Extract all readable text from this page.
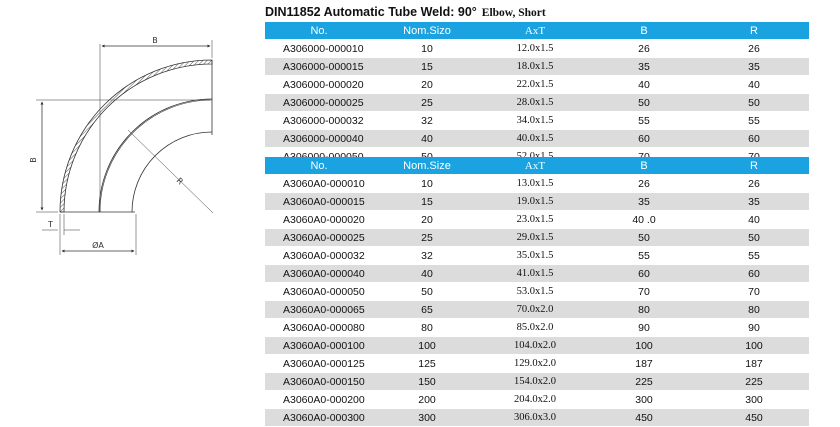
B
B
R
T
ØA
DIN11852 Automatic Tube Weld: 90° Elbow, Short
No.	Nom.Sizo	AxT	B	R
A306000-000010	10	12.0x1.5	26	26
A306000-000015	15	18.0x1.5	35	35
A306000-000020	20	22.0x1.5	40	40
A306000-000025	25	28.0x1.5	50	50
A306000-000032	32	34.0x1.5	55	55
A306000-000040	40	40.0x1.5	60	60

No.	Nom.Size	AxT	B	R
A3060A0-000010	10	13.0x1.5	26	26
A3060A0-000015	15	19.0x1.5	35	35
A3060A0-000020	20	23.0x1.5	40 .0	40
A3060A0-000025	25	29.0x1.5	50	50
A3060A0-000032	32	35.0x1.5	55	55
A3060A0-000040	40	41.0x1.5	60	60
A3060A0-000050	50	53.0x1.5	70	70
A3060A0-000065	65	70.0x2.0	80	80
A3060A0-000080	80	85.0x2.0	90	90
A3060A0-000100	100	104.0x2.0	100	100
A3060A0-000125	125	129.0x2.0	187	187
A3060A0-000150	150	154.0x2.0	225	225
A3060A0-000200	200	204.0x2.0	300	300
A3060A0-000300	300	306.0x3.0	450	450
